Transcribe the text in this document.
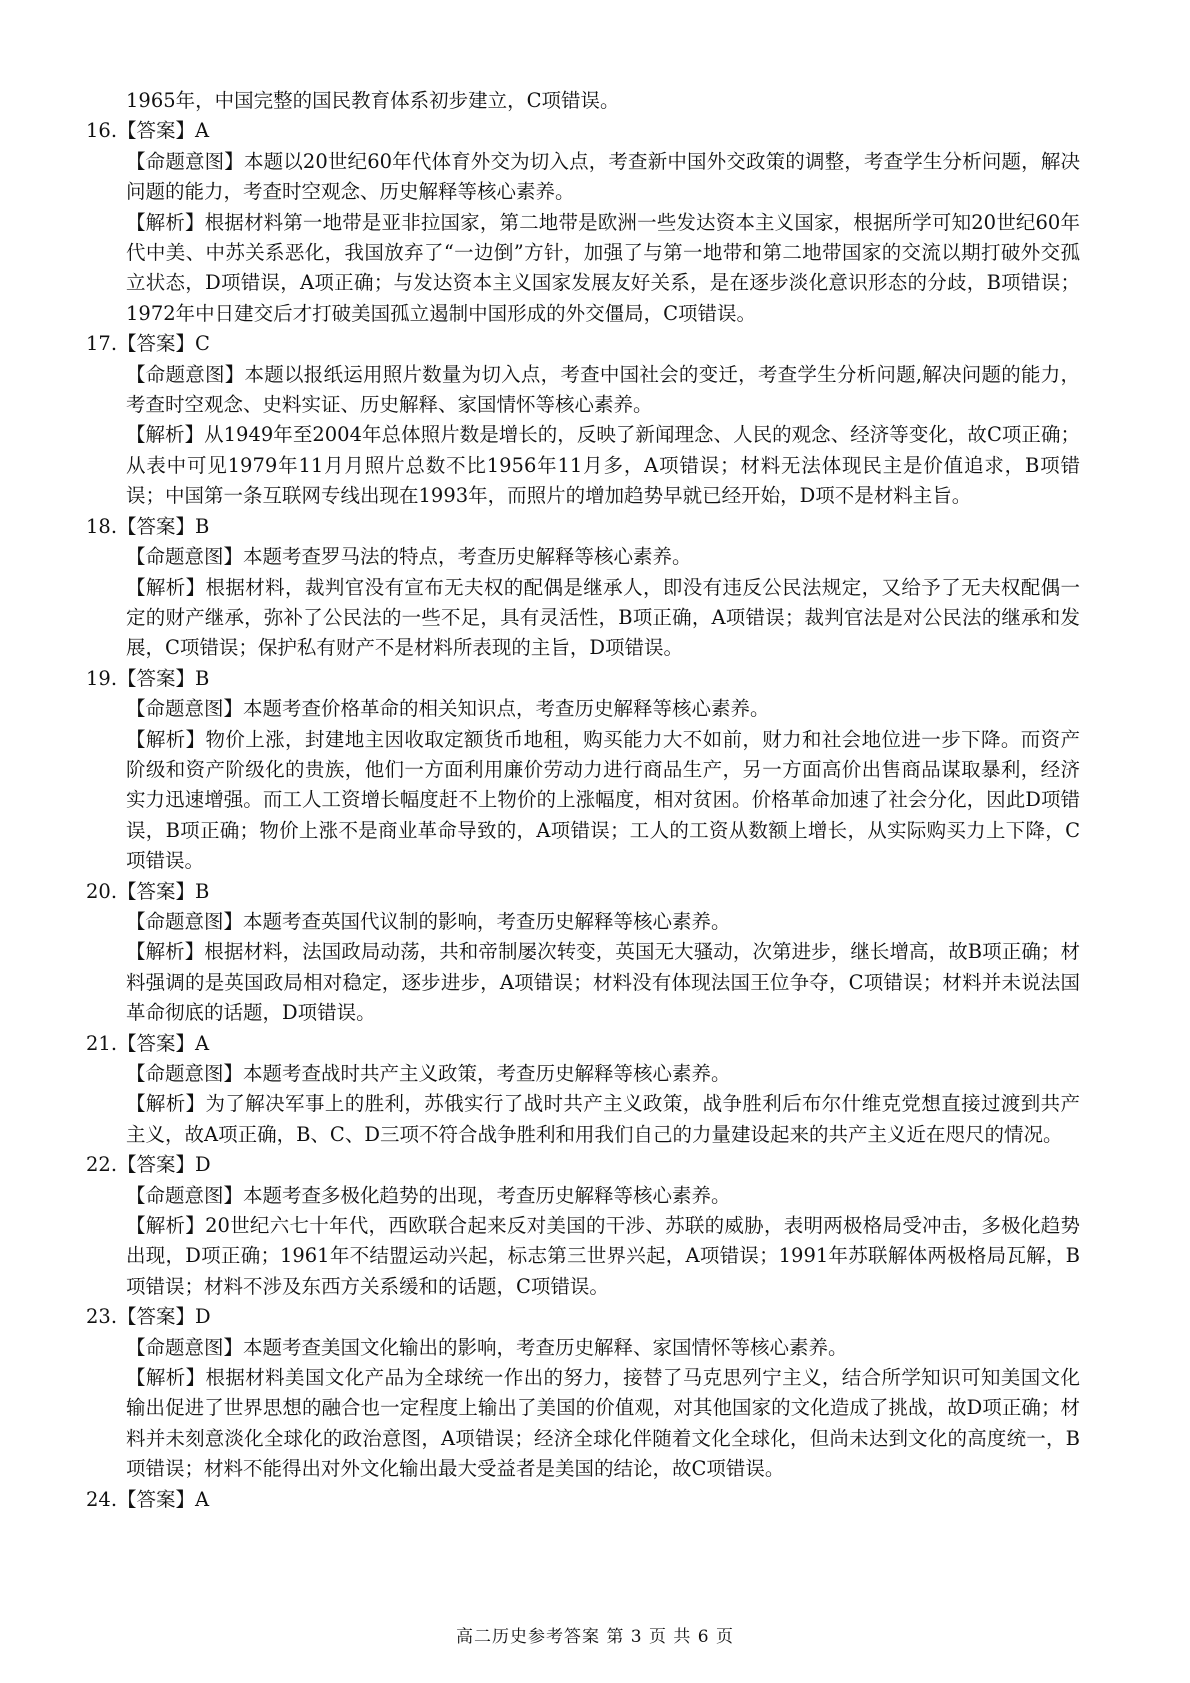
1965年，中国完整的国民教育体系初步建立，C项错误。

16.【答案】A

【命题意图】本题以20世纪60年代体育外交为切入点，考查新中国外交政策的调整，考查学生分析问题，解决问题的能力，考查时空观念、历史解释等核心素养。

【解析】根据材料第一地带是亚非拉国家，第二地带是欧洲一些发达资本主义国家，根据所学可知20世纪60年代中美、中苏关系恶化，我国放弃了“一边倒”方针，加强了与第一地带和第二地带国家的交流以期打破外交孤立状态，D项错误，A项正确；与发达资本主义国家发展友好关系，是在逐步淡化意识形态的分歧，B项错误；1972年中日建交后才打破美国孤立遏制中国形成的外交僵局，C项错误。

17.【答案】C

【命题意图】本题以报纸运用照片数量为切入点，考查中国社会的变迁，考查学生分析问题,解决问题的能力，考查时空观念、史料实证、历史解释、家国情怀等核心素养。

【解析】从1949年至2004年总体照片数是增长的，反映了新闻理念、人民的观念、经济等变化，故C项正确；从表中可见1979年11月月照片总数不比1956年11月多，A项错误；材料无法体现民主是价值追求，B项错误；中国第一条互联网专线出现在1993年，而照片的增加趋势早就已经开始，D项不是材料主旨。

18.【答案】B

【命题意图】本题考查罗马法的特点，考查历史解释等核心素养。

【解析】根据材料，裁判官没有宣布无夫权的配偶是继承人，即没有违反公民法规定，又给予了无夫权配偶一定的财产继承，弥补了公民法的一些不足，具有灵活性，B项正确，A项错误；裁判官法是对公民法的继承和发展，C项错误；保护私有财产不是材料所表现的主旨，D项错误。

19.【答案】B

【命题意图】本题考查价格革命的相关知识点，考查历史解释等核心素养。

【解析】物价上涨，封建地主因收取定额货币地租，购买能力大不如前，财力和社会地位进一步下降。而资产阶级和资产阶级化的贵族，他们一方面利用廉价劳动力进行商品生产，另一方面高价出售商品谋取暴利，经济实力迅速增强。而工人工资增长幅度赶不上物价的上涨幅度，相对贫困。价格革命加速了社会分化，因此D项错误，B项正确；物价上涨不是商业革命导致的，A项错误；工人的工资从数额上增长，从实际购买力上下降，C项错误。

20.【答案】B

【命题意图】本题考查英国代议制的影响，考查历史解释等核心素养。

【解析】根据材料，法国政局动荡，共和帝制屡次转变，英国无大骚动，次第进步，继长增高，故B项正确；材料强调的是英国政局相对稳定，逐步进步，A项错误；材料没有体现法国王位争夺，C项错误；材料并未说法国革命彻底的话题，D项错误。

21.【答案】A

【命题意图】本题考查战时共产主义政策，考查历史解释等核心素养。

【解析】为了解决军事上的胜利，苏俄实行了战时共产主义政策，战争胜利后布尔什维克党想直接过渡到共产主义，故A项正确，B、C、D三项不符合战争胜利和用我们自己的力量建设起来的共产主义近在咫尺的情况。

22.【答案】D

【命题意图】本题考查多极化趋势的出现，考查历史解释等核心素养。

【解析】20世纪六七十年代，西欧联合起来反对美国的干涉、苏联的威胁，表明两极格局受冲击，多极化趋势出现，D项正确；1961年不结盟运动兴起，标志第三世界兴起，A项错误；1991年苏联解体两极格局瓦解，B项错误；材料不涉及东西方关系缓和的话题，C项错误。

23.【答案】D

【命题意图】本题考查美国文化输出的影响，考查历史解释、家国情怀等核心素养。

【解析】根据材料美国文化产品为全球统一作出的努力，接替了马克思列宁主义，结合所学知识可知美国文化输出促进了世界思想的融合也一定程度上输出了美国的价值观，对其他国家的文化造成了挑战，故D项正确；材料并未刻意淡化全球化的政治意图，A项错误；经济全球化伴随着文化全球化，但尚未达到文化的高度统一，B项错误；材料不能得出对外文化输出最大受益者是美国的结论，故C项错误。

24.【答案】A

高二历史参考答案 第 3 页 共 6 页
